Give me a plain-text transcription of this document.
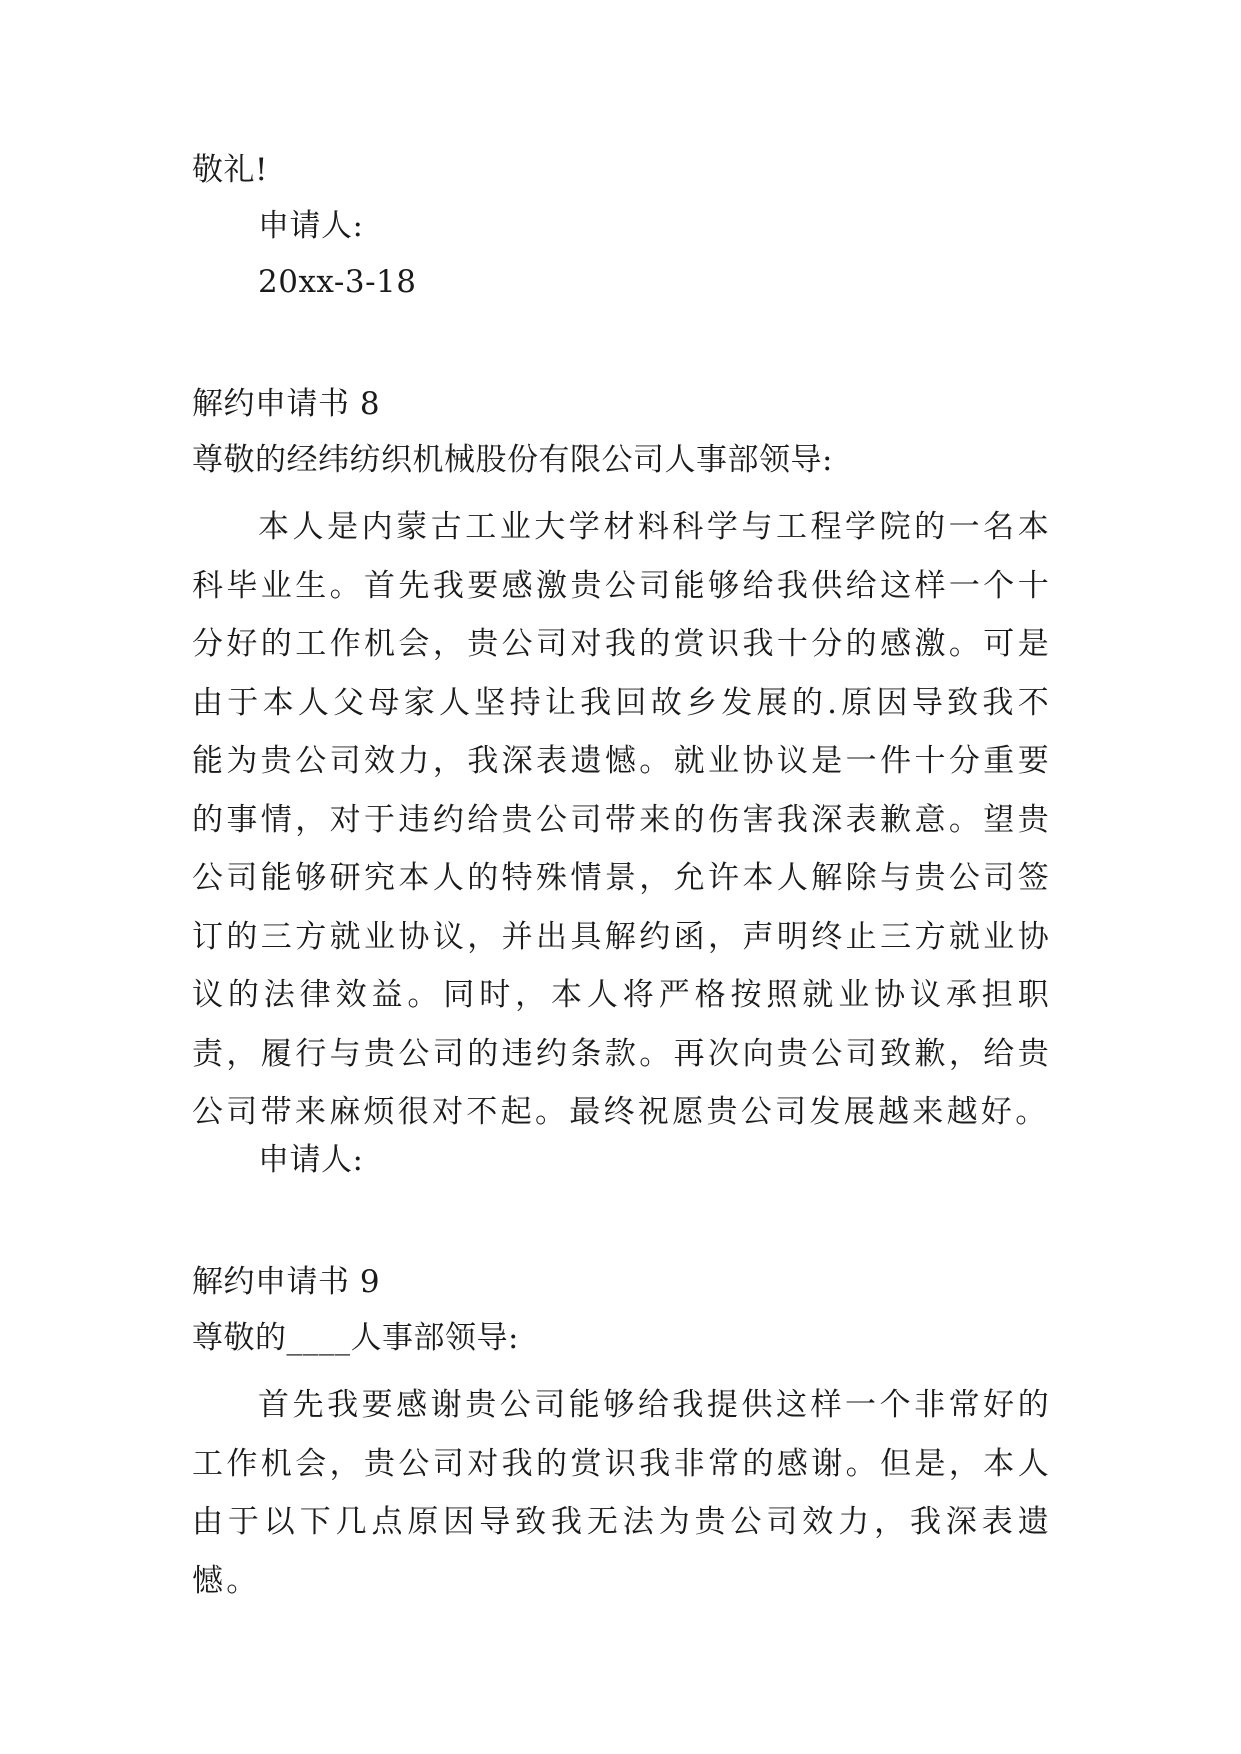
敬礼!
申请人:
20xx-3-18
解约申请书 8
尊敬的经纬纺织机械股份有限公司人事部领导:

本人是内蒙古工业大学材料科学与工程学院的一名本科毕业生。首先我要感激贵公司能够给我供给这样一个十分好的工作机会，贵公司对我的赏识我十分的感激。可是由于本人父母家人坚持让我回故乡发展的.原因导致我不能为贵公司效力，我深表遗憾。就业协议是一件十分重要的事情，对于违约给贵公司带来的伤害我深表歉意。望贵公司能够研究本人的特殊情景，允许本人解除与贵公司签订的三方就业协议，并出具解约函，声明终止三方就业协议的法律效益。同时，本人将严格按照就业协议承担职责，履行与贵公司的违约条款。再次向贵公司致歉，给贵公司带来麻烦很对不起。最终祝愿贵公司发展越来越好。

申请人:
解约申请书 9
尊敬的____人事部领导:

首先我要感谢贵公司能够给我提供这样一个非常好的工作机会，贵公司对我的赏识我非常的感谢。但是，本人由于以下几点原因导致我无法为贵公司效力，我深表遗憾。
